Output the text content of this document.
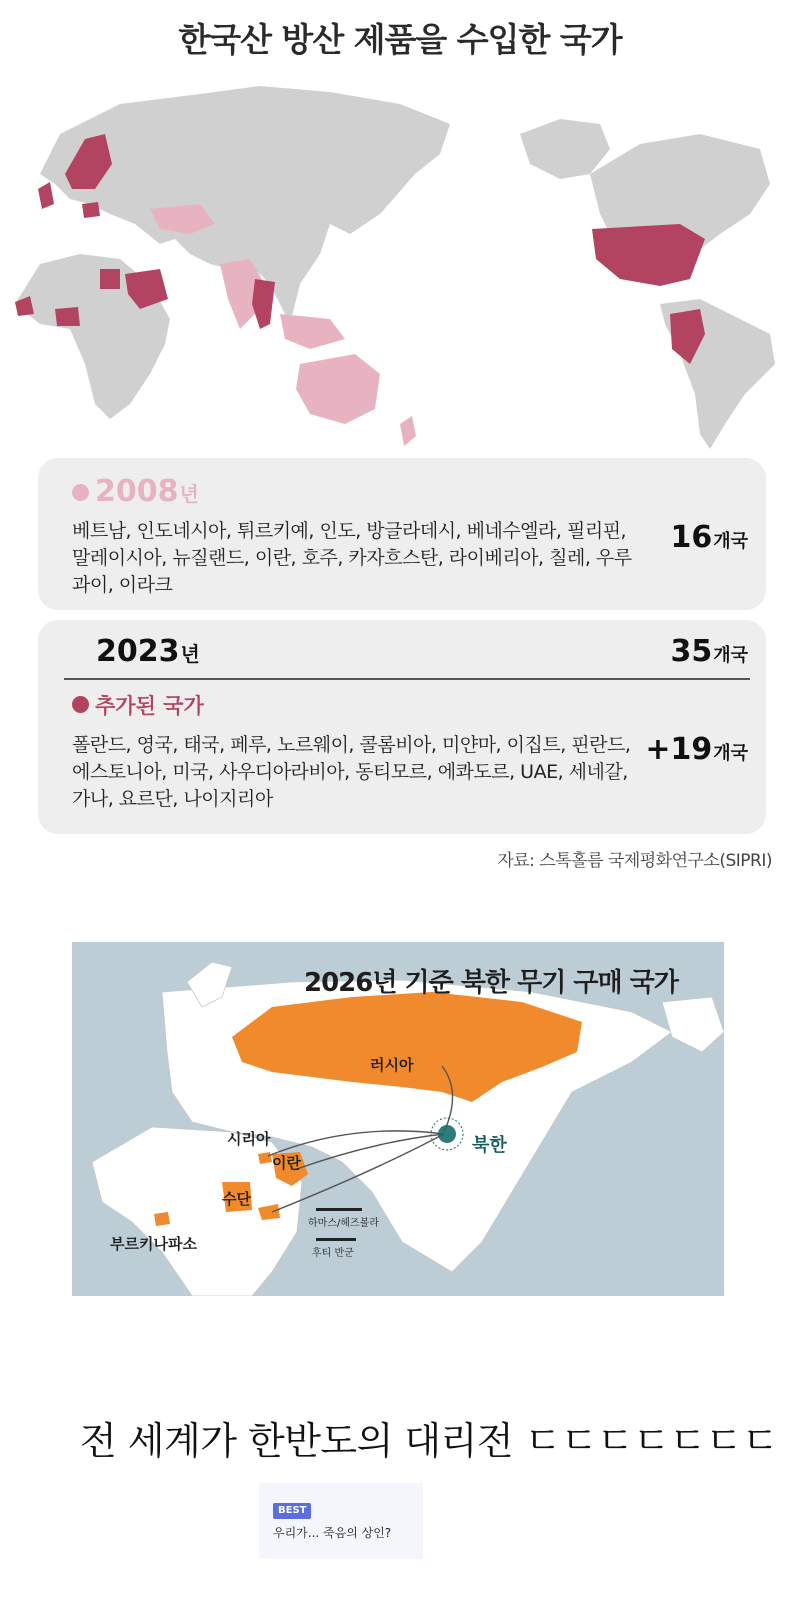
한국산 방산 제품을 수입한 국가
2008 년
베트남, 인도네시아, 튀르키예, 인도, 방글라데시, 베네수엘라, 필리핀, 말레이시아, 뉴질랜드, 이란, 호주, 카자흐스탄, 라이베리아, 칠레, 우루과이, 이라크
16 개국
2023 년	35 개국
추가된 국가
폴란드, 영국, 태국, 페루, 노르웨이, 콜롬비아, 미얀마, 이집트, 핀란드, 에스토니아, 미국, 사우디아라비아, 동티모르, 에콰도르, UAE, 세네갈, 가나, 요르단, 나이지리아
+19 개국
자료: 스톡홀름 국제평화연구소(SIPRI)
2026년 기준 북한 무기 구매 국가
러시아
시리아
이란
수단
부르키나파소
북한
하마스/헤즈볼라
후티 반군
전 세계가 한반도의 대리전 ㄷㄷㄷㄷㄷㄷㄷ
BEST
우리가... 죽음의 상인?
